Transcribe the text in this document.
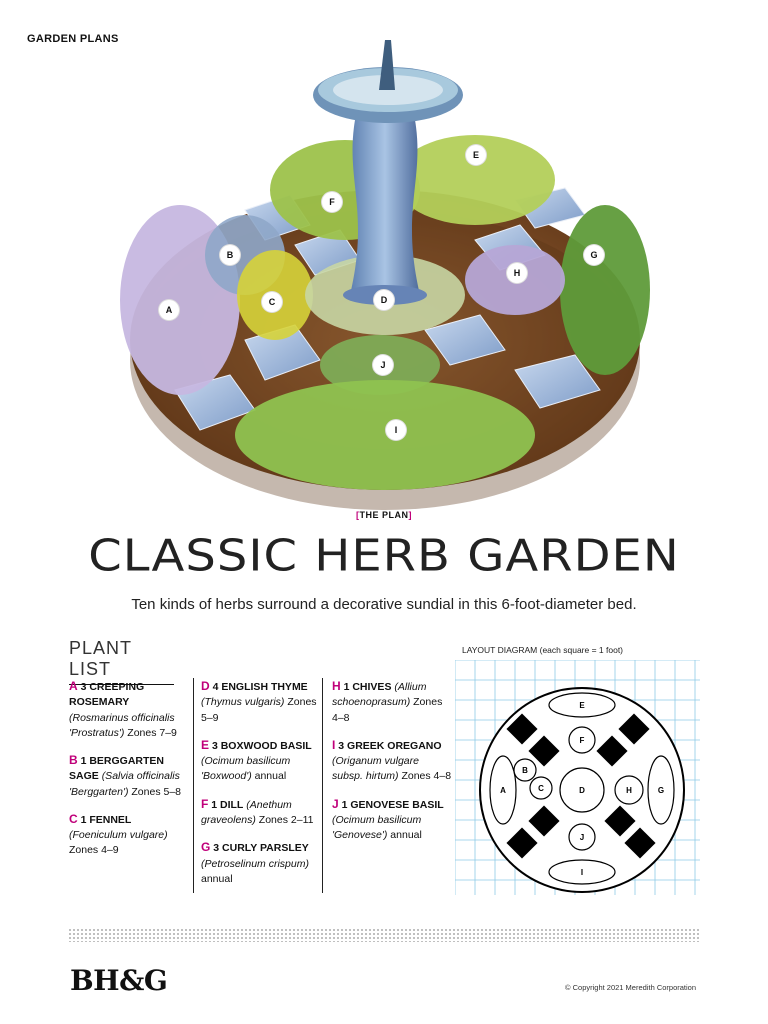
GARDEN PLANS
A
B
C	D
E
F
G
H
I
J
[THE PLAN]
CLASSIC HERB GARDEN
Ten kinds of herbs surround a decorative sundial in this 6-foot-diameter bed.
PLANT LIST
A 3 CREEPING ROSEMARY (Rosmarinus officinalis 'Prostratus') Zones 7–9
B 1 BERGGARTEN SAGE (Salvia officinalis 'Berggarten') Zones 5–8
C 1 FENNEL (Foeniculum vulgare) Zones 4–9
D 4 ENGLISH THYME (Thymus vulgaris) Zones 5–9
E 3 BOXWOOD BASIL (Ocimum basilicum 'Boxwood') annual
F 1 DILL (Anethum graveolens) Zones 2–11
G 3 CURLY PARSLEY (Petroselinum crispum) annual
H 1 CHIVES (Allium schoenoprasum) Zones 4–8
I 3 GREEK OREGANO (Origanum vulgare subsp. hirtum) Zones 4–8
J 1 GENOVESE BASIL (Ocimum basilicum 'Genovese') annual
LAYOUT DIAGRAM (each square = 1 foot)
A
B
C	D
E
F
G
H
I
J
BH&G	© Copyright 2021 Meredith Corporation
